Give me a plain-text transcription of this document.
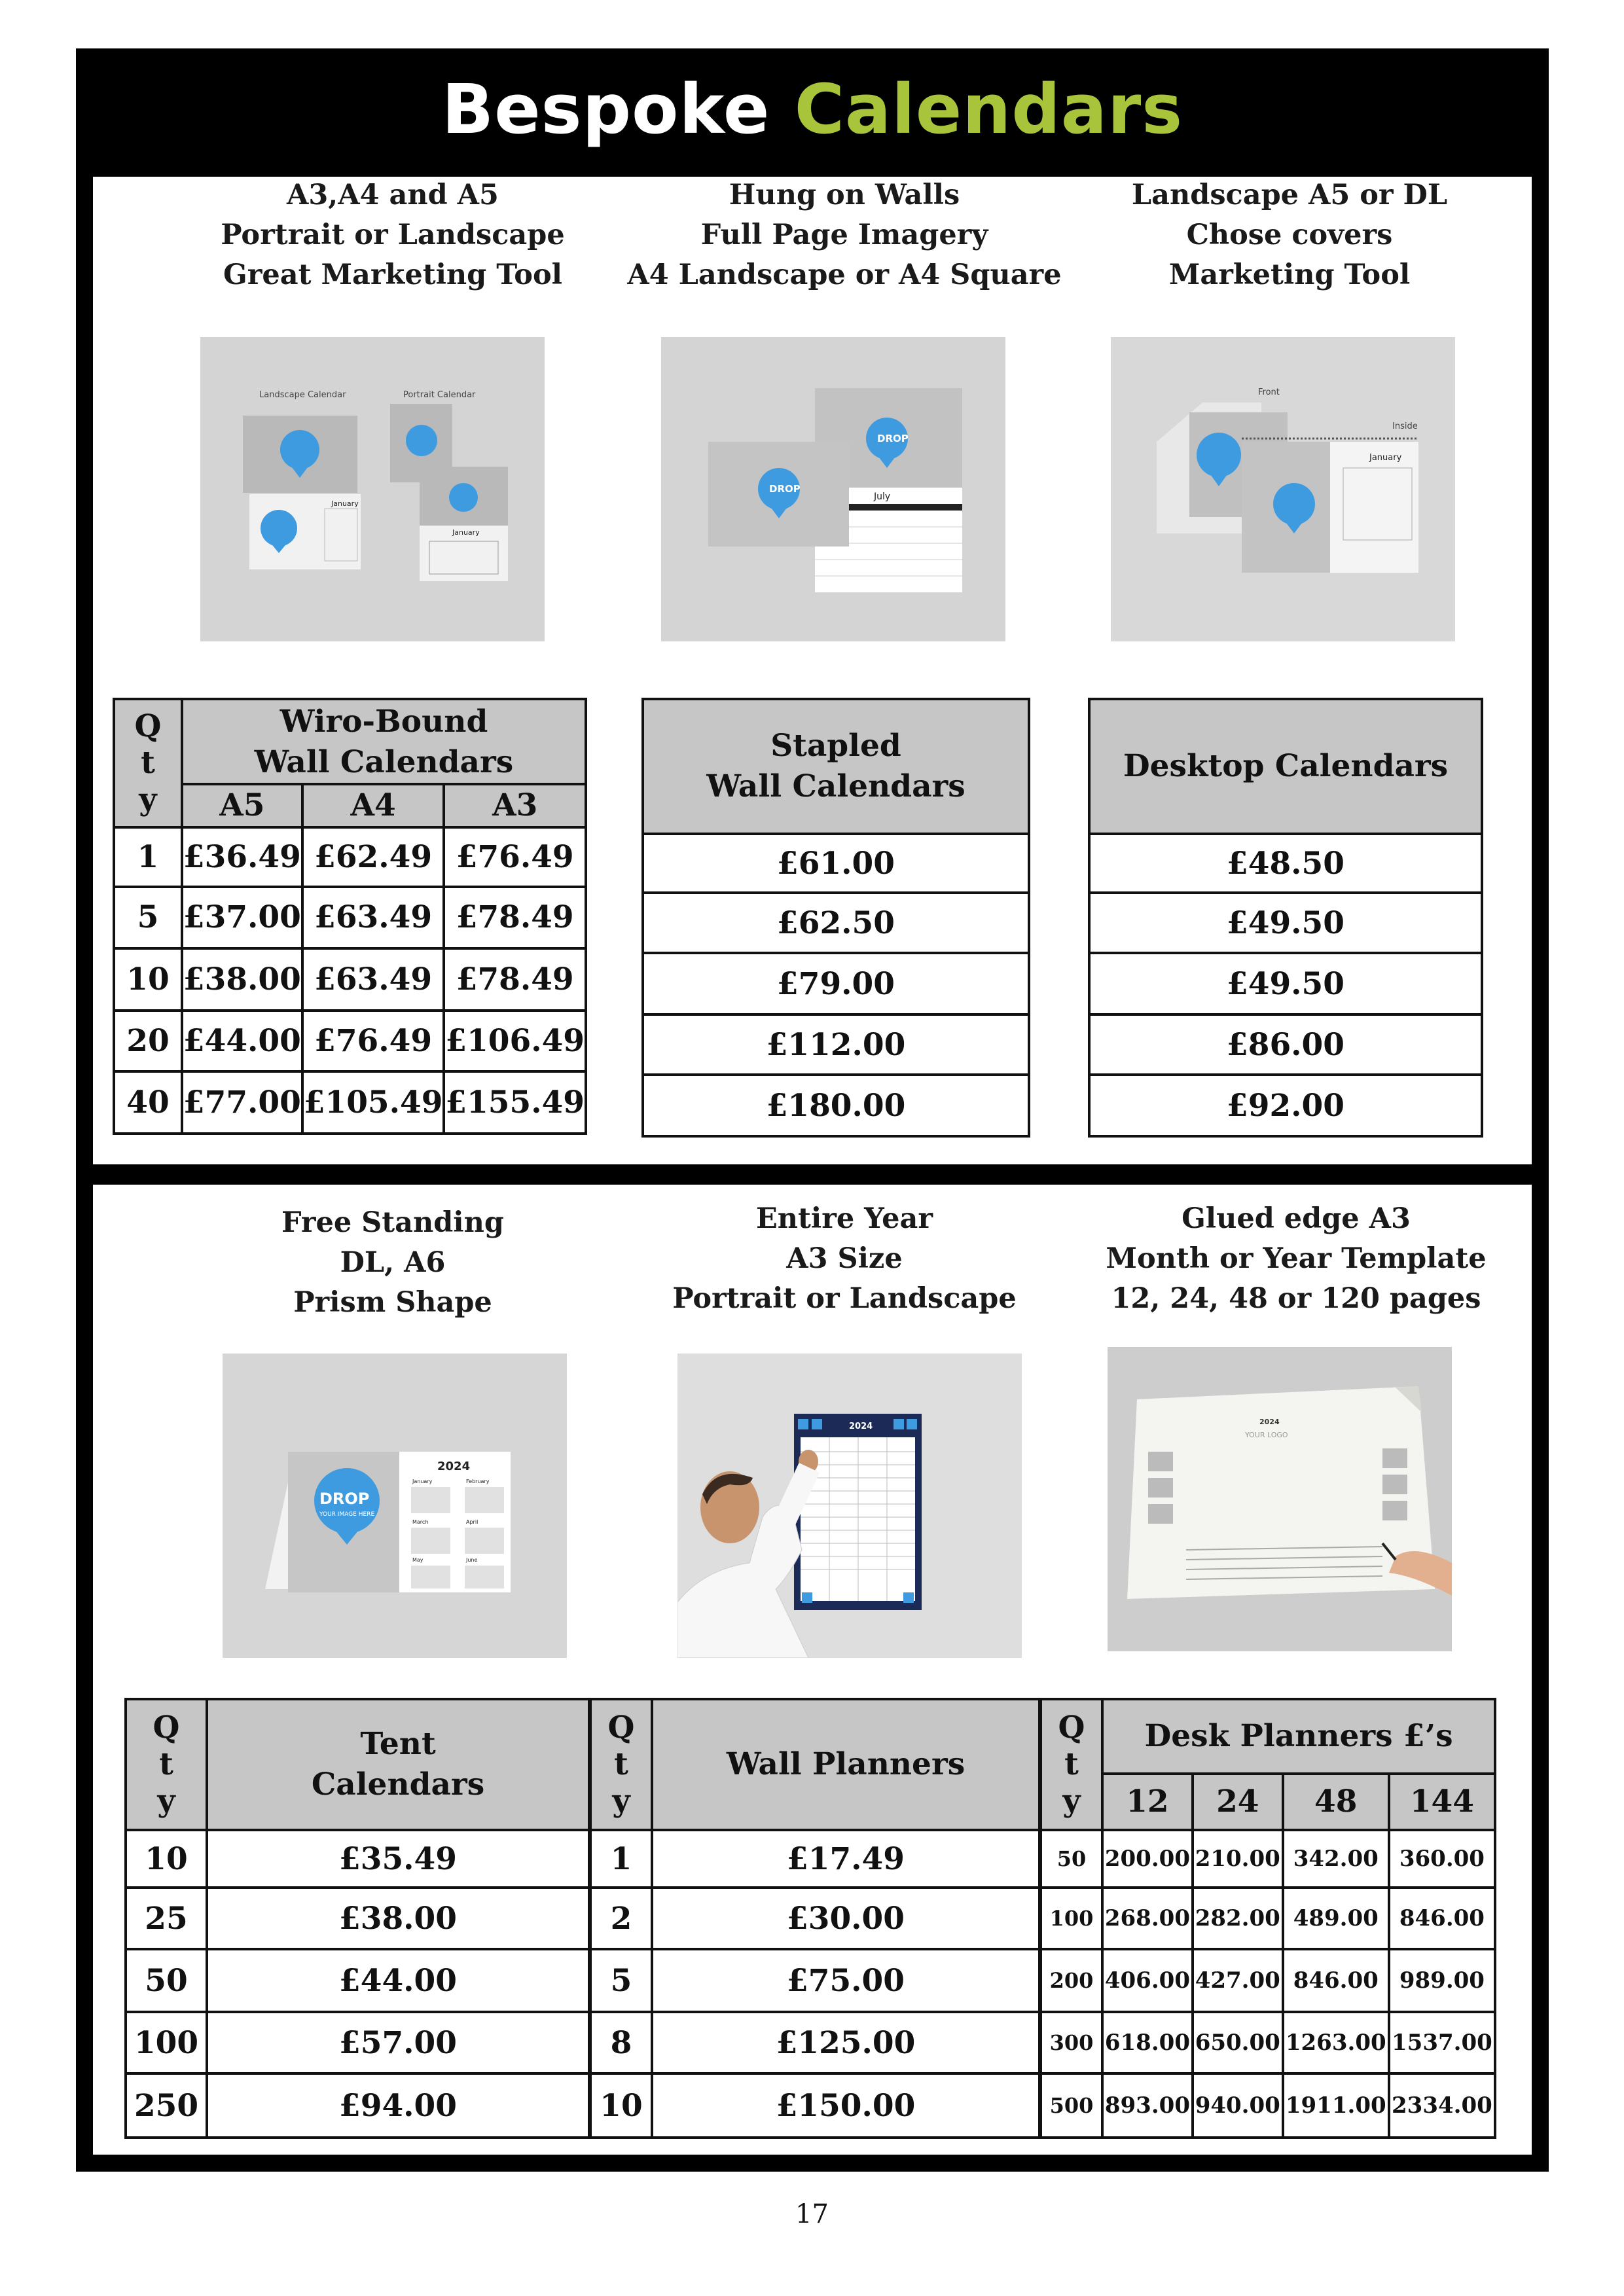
Bespoke Calendars
A3,A4 and A5
Portrait or Landscape
Great Marketing Tool
Hung on Walls
Full Page Imagery
A4 Landscape or A4 Square
Landscape A5 or DL
Chose covers
Marketing Tool
Landscape Calendar	Portrait Calendar
January
January
July
DROP
DROP
Front
Inside
January
Q
t
y	Wiro-Bound
Wall Calendars		
	A5	A4	A3
1	£36.49	£62.49	£76.49
5	£37.00	£63.49	£78.49
10	£38.00	£63.49	£78.49
20	£44.00	£76.49	£106.49
40	£77.00	£105.49	£155.49
Stapled
Wall Calendars
£61.00
£62.50
£79.00
£112.00
£180.00
Desktop Calendars
£48.50
£49.50
£49.50
£86.00
£92.00
Free Standing
DL, A6
Prism Shape
Entire Year
A3 Size
Portrait or Landscape
Glued edge A3
Month or Year Template
12, 24, 48 or 120 pages
DROP
YOUR IMAGE HERE
2024
January	February
March	April
May	June
2024	2024
YOUR LOGO
Q
t
y	Tent
Calendars
10	£35.49
25	£38.00
50	£44.00
100	£57.00
250	£94.00
Q
t
y	Wall Planners
1	£17.49
2	£30.00
5	£75.00
8	£125.00
10	£150.00
Q
t
y	Desk Planners £’s			
	12	24	48	144
50	200.00	210.00	342.00	360.00
100	268.00	282.00	489.00	846.00
200	406.00	427.00	846.00	989.00
300	618.00	650.00	1263.00	1537.00
500	893.00	940.00	1911.00	2334.00
17
